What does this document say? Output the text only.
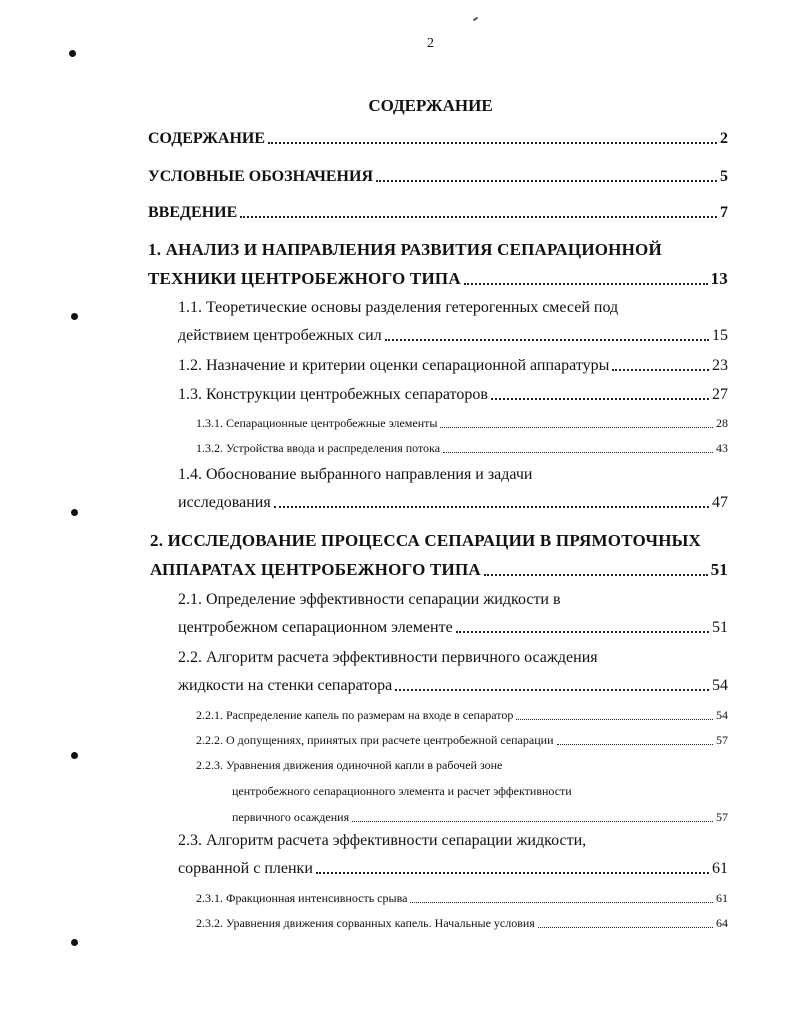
2
СОДЕРЖАНИЕ
СОДЕРЖАНИЕ	2
УСЛОВНЫЕ ОБОЗНАЧЕНИЯ	5
ВВЕДЕНИЕ	7
1. АНАЛИЗ И НАПРАВЛЕНИЯ РАЗВИТИЯ СЕПАРАЦИОННОЙ
ТЕХНИКИ ЦЕНТРОБЕЖНОГО ТИПА	13
1.1. Теоретические основы разделения гетерогенных смесей под
действием центробежных сил	15
1.2. Назначение и критерии оценки сепарационной аппаратуры	23
1.3. Конструкции центробежных сепараторов	27
1.3.1. Сепарационные центробежные элементы	28
1.3.2. Устройства ввода и распределения потока	43
1.4. Обоснование выбранного направления и задачи
исследования	47
2. ИССЛЕДОВАНИЕ ПРОЦЕССА СЕПАРАЦИИ В ПРЯМОТОЧНЫХ
АППАРАТАХ ЦЕНТРОБЕЖНОГО ТИПА	51
2.1. Определение эффективности сепарации жидкости в
центробежном сепарационном элементе	51
2.2. Алгоритм расчета эффективности первичного осаждения
жидкости на стенки сепаратора	54
2.2.1. Распределение капель по размерам на входе в сепаратор	54
2.2.2. О допущениях, принятых при расчете центробежной сепарации	57
2.2.3. Уравнения движения одиночной капли в рабочей зоне
центробежного сепарационного элемента и расчет эффективности
первичного осаждения	57
2.3. Алгоритм расчета эффективности сепарации жидкости,
сорванной с пленки	61
2.3.1. Фракционная интенсивность срыва	61
2.3.2. Уравнения движения сорванных капель. Начальные условия	64
